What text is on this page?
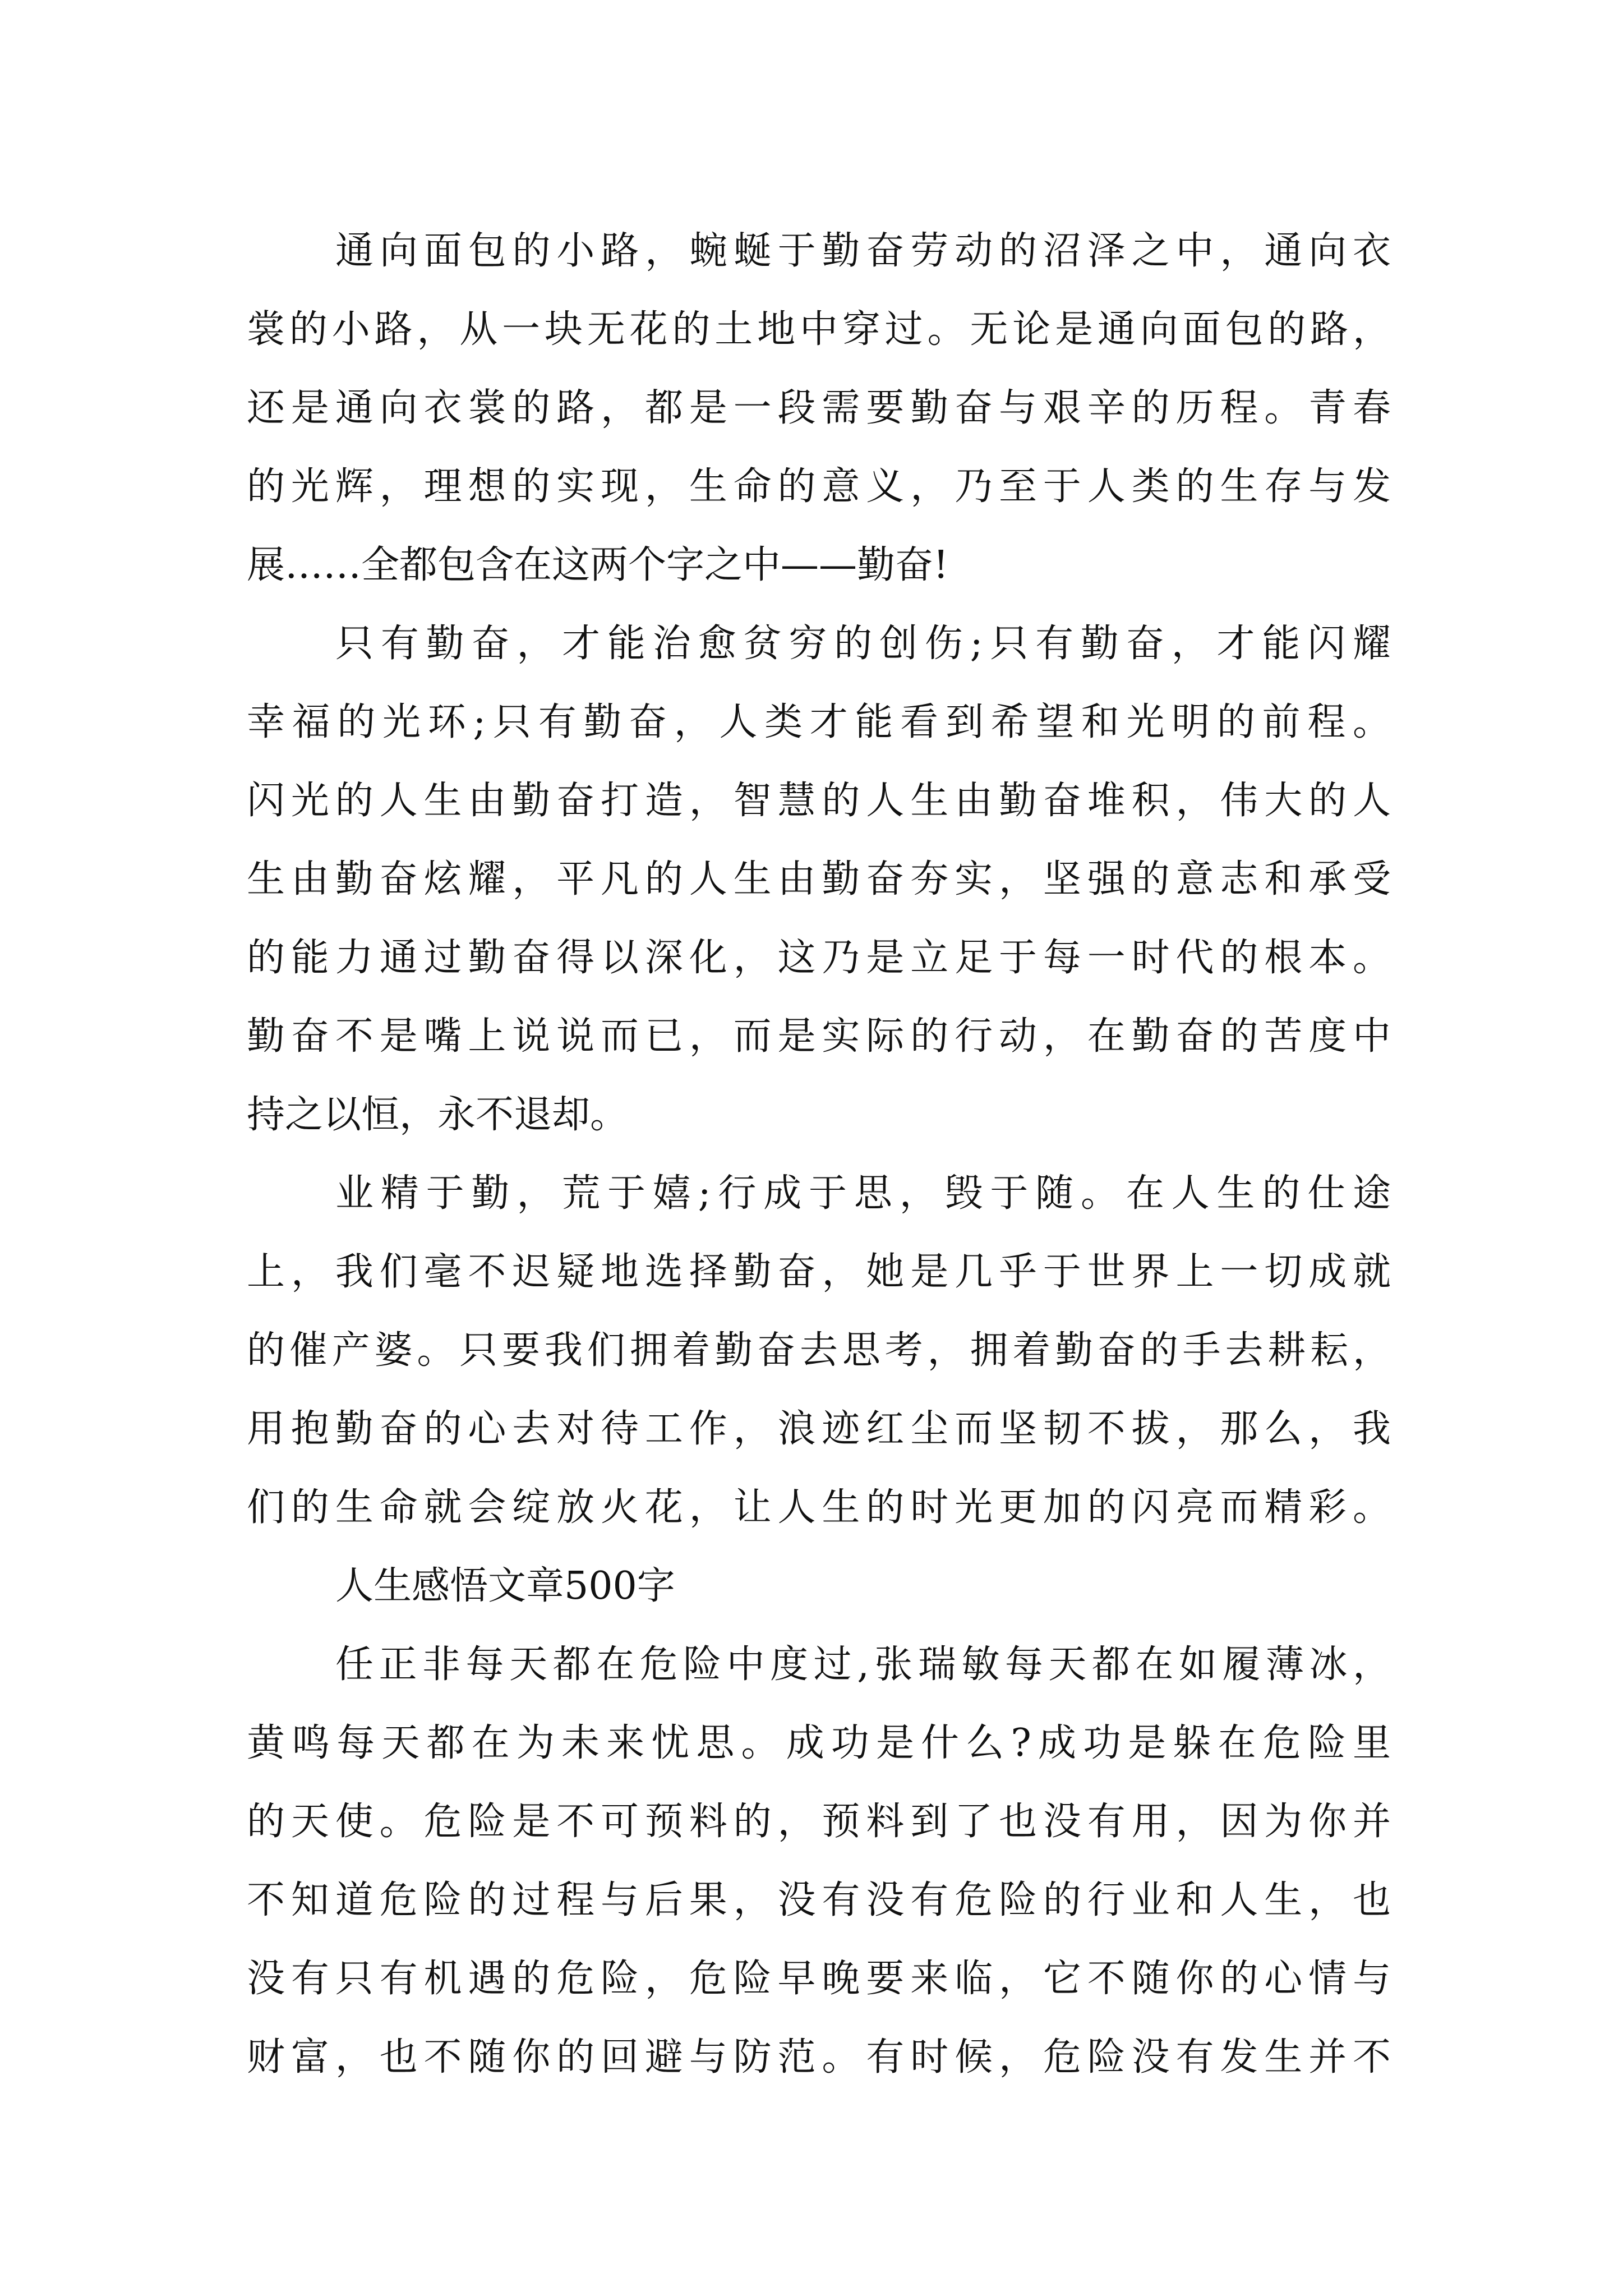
通向面包的小路，蜿蜒于勤奋劳动的沼泽之中，通向衣
裳的小路，从一块无花的土地中穿过。无论是通向面包的路，
还是通向衣裳的路，都是一段需要勤奋与艰辛的历程。青春
的光辉，理想的实现，生命的意义，乃至于人类的生存与发
展……全都包含在这两个字之中——勤奋!
只有勤奋，才能治愈贫穷的创伤;只有勤奋，才能闪耀
幸福的光环;只有勤奋，人类才能看到希望和光明的前程。
闪光的人生由勤奋打造，智慧的人生由勤奋堆积，伟大的人
生由勤奋炫耀，平凡的人生由勤奋夯实，坚强的意志和承受
的能力通过勤奋得以深化，这乃是立足于每一时代的根本。
勤奋不是嘴上说说而已，而是实际的行动，在勤奋的苦度中
持之以恒，永不退却。
业精于勤，荒于嬉;行成于思，毁于随。在人生的仕途
上，我们毫不迟疑地选择勤奋，她是几乎于世界上一切成就
的催产婆。只要我们拥着勤奋去思考，拥着勤奋的手去耕耘，
用抱勤奋的心去对待工作，浪迹红尘而坚韧不拔，那么，我
们的生命就会绽放火花，让人生的时光更加的闪亮而精彩。
人生感悟文章500字
任正非每天都在危险中度过,张瑞敏每天都在如履薄冰，
黄鸣每天都在为未来忧思。成功是什么?成功是躲在危险里
的天使。危险是不可预料的，预料到了也没有用，因为你并
不知道危险的过程与后果，没有没有危险的行业和人生，也
没有只有机遇的危险，危险早晚要来临，它不随你的心情与
财富，也不随你的回避与防范。有时候，危险没有发生并不
